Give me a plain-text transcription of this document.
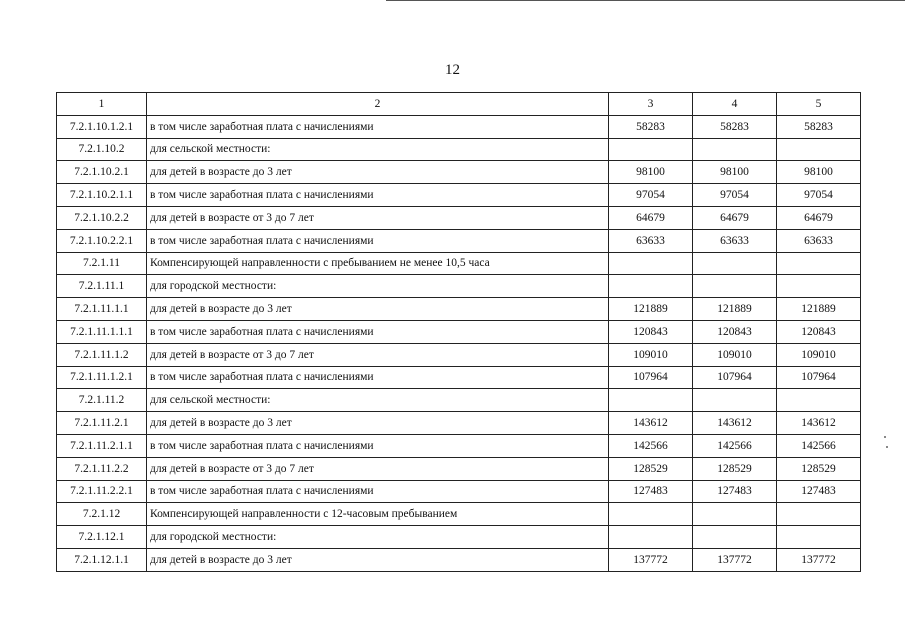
12
1	2	3	4	5
7.2.1.10.1.2.1	в том числе заработная плата с начислениями	58283	58283	58283
7.2.1.10.2	для сельской местности:			
7.2.1.10.2.1	для детей в возрасте до 3 лет	98100	98100	98100
7.2.1.10.2.1.1	в том числе заработная плата с начислениями	97054	97054	97054
7.2.1.10.2.2	для детей в возрасте от 3 до 7 лет	64679	64679	64679
7.2.1.10.2.2.1	в том числе заработная плата с начислениями	63633	63633	63633
7.2.1.11	Компенсирующей направленности с пребыванием не менее 10,5 часа			
7.2.1.11.1	для городской местности:			
7.2.1.11.1.1	для детей в возрасте до 3 лет	121889	121889	121889
7.2.1.11.1.1.1	в том числе заработная плата с начислениями	120843	120843	120843
7.2.1.11.1.2	для детей в возрасте от 3 до 7 лет	109010	109010	109010
7.2.1.11.1.2.1	в том числе заработная плата с начислениями	107964	107964	107964
7.2.1.11.2	для сельской местности:			
7.2.1.11.2.1	для детей в возрасте до 3 лет	143612	143612	143612
7.2.1.11.2.1.1	в том числе заработная плата с начислениями	142566	142566	142566
7.2.1.11.2.2	для детей в возрасте от 3 до 7 лет	128529	128529	128529
7.2.1.11.2.2.1	в том числе заработная плата с начислениями	127483	127483	127483
7.2.1.12	Компенсирующей направленности с 12-часовым пребыванием			
7.2.1.12.1	для городской местности:			
7.2.1.12.1.1	для детей в возрасте до 3 лет	137772	137772	137772
